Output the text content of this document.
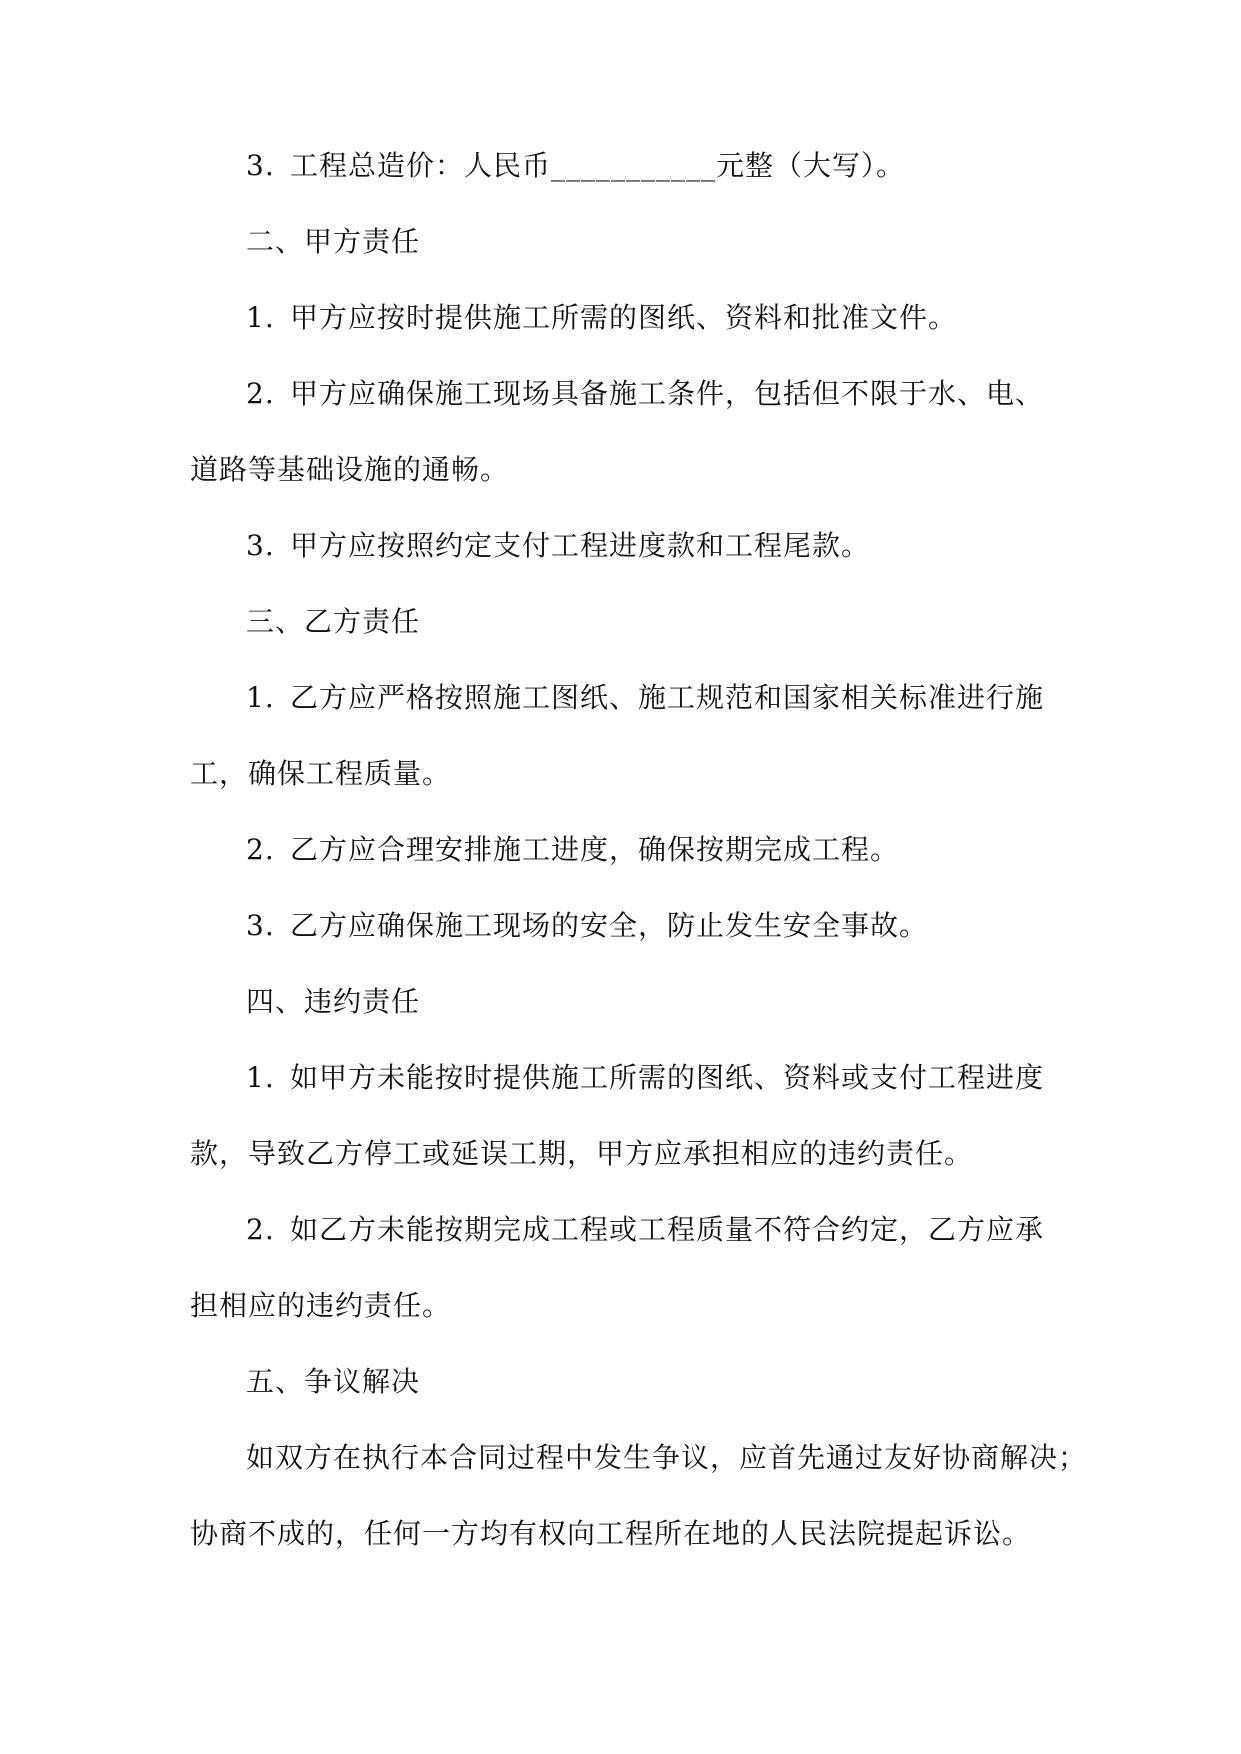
3. 工程总造价：人民币___________元整（大写）。
二、甲方责任
1. 甲方应按时提供施工所需的图纸、资料和批准文件。
2. 甲方应确保施工现场具备施工条件，包括但不限于水、电、
道路等基础设施的通畅。
3. 甲方应按照约定支付工程进度款和工程尾款。
三、乙方责任
1. 乙方应严格按照施工图纸、施工规范和国家相关标准进行施
工，确保工程质量。
2. 乙方应合理安排施工进度，确保按期完成工程。
3. 乙方应确保施工现场的安全，防止发生安全事故。
四、违约责任
1. 如甲方未能按时提供施工所需的图纸、资料或支付工程进度
款，导致乙方停工或延误工期，甲方应承担相应的违约责任。
2. 如乙方未能按期完成工程或工程质量不符合约定，乙方应承
担相应的违约责任。
五、争议解决
如双方在执行本合同过程中发生争议，应首先通过友好协商解决；
协商不成的，任何一方均有权向工程所在地的人民法院提起诉讼。
